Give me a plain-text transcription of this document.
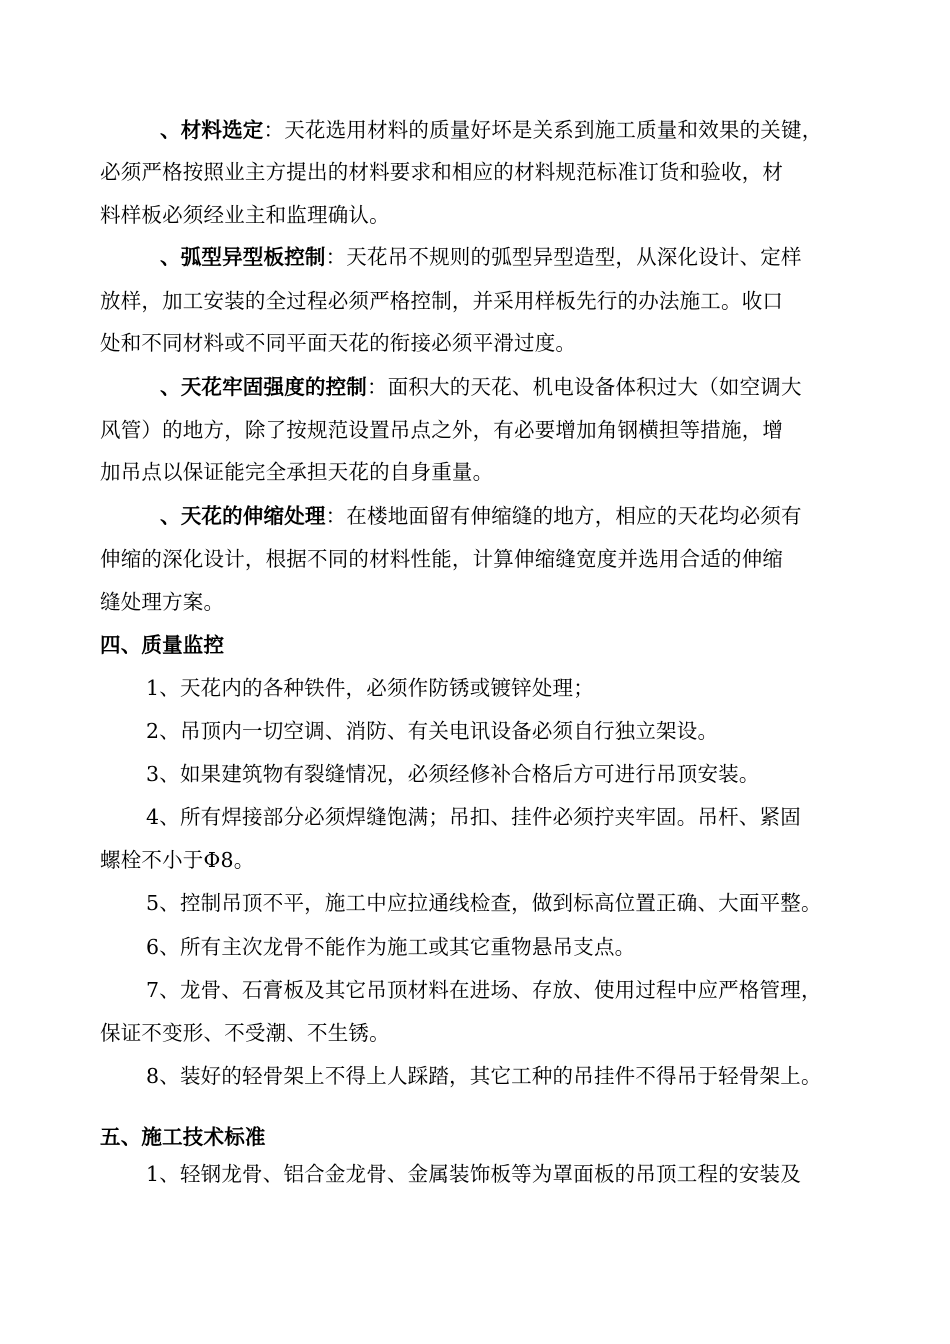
、材料选定：天花选用材料的质量好坏是关系到施工质量和效果的关键，
必须严格按照业主方提出的材料要求和相应的材料规范标准订货和验收，材
料样板必须经业主和监理确认。
、弧型异型板控制：天花吊不规则的弧型异型造型，从深化设计、定样
放样，加工安装的全过程必须严格控制，并采用样板先行的办法施工。收口
处和不同材料或不同平面天花的衔接必须平滑过度。
、天花牢固强度的控制：面积大的天花、机电设备体积过大（如空调大
风管）的地方，除了按规范设置吊点之外，有必要增加角钢横担等措施，增
加吊点以保证能完全承担天花的自身重量。
、天花的伸缩处理：在楼地面留有伸缩缝的地方，相应的天花均必须有
伸缩的深化设计，根据不同的材料性能，计算伸缩缝宽度并选用合适的伸缩
缝处理方案。
四、质量监控
1、天花内的各种铁件，必须作防锈或镀锌处理；
2、吊顶内一切空调、消防、有关电讯设备必须自行独立架设。
3、如果建筑物有裂缝情况，必须经修补合格后方可进行吊顶安装。
4、所有焊接部分必须焊缝饱满；吊扣、挂件必须拧夹牢固。吊杆、紧固
螺栓不小于Φ8。
5、控制吊顶不平，施工中应拉通线检查，做到标高位置正确、大面平整。
6、所有主次龙骨不能作为施工或其它重物悬吊支点。
7、龙骨、石膏板及其它吊顶材料在进场、存放、使用过程中应严格管理，
保证不变形、不受潮、不生锈。
8、装好的轻骨架上不得上人踩踏，其它工种的吊挂件不得吊于轻骨架上。
五、施工技术标准
1、轻钢龙骨、铝合金龙骨、金属装饰板等为罩面板的吊顶工程的安装及
